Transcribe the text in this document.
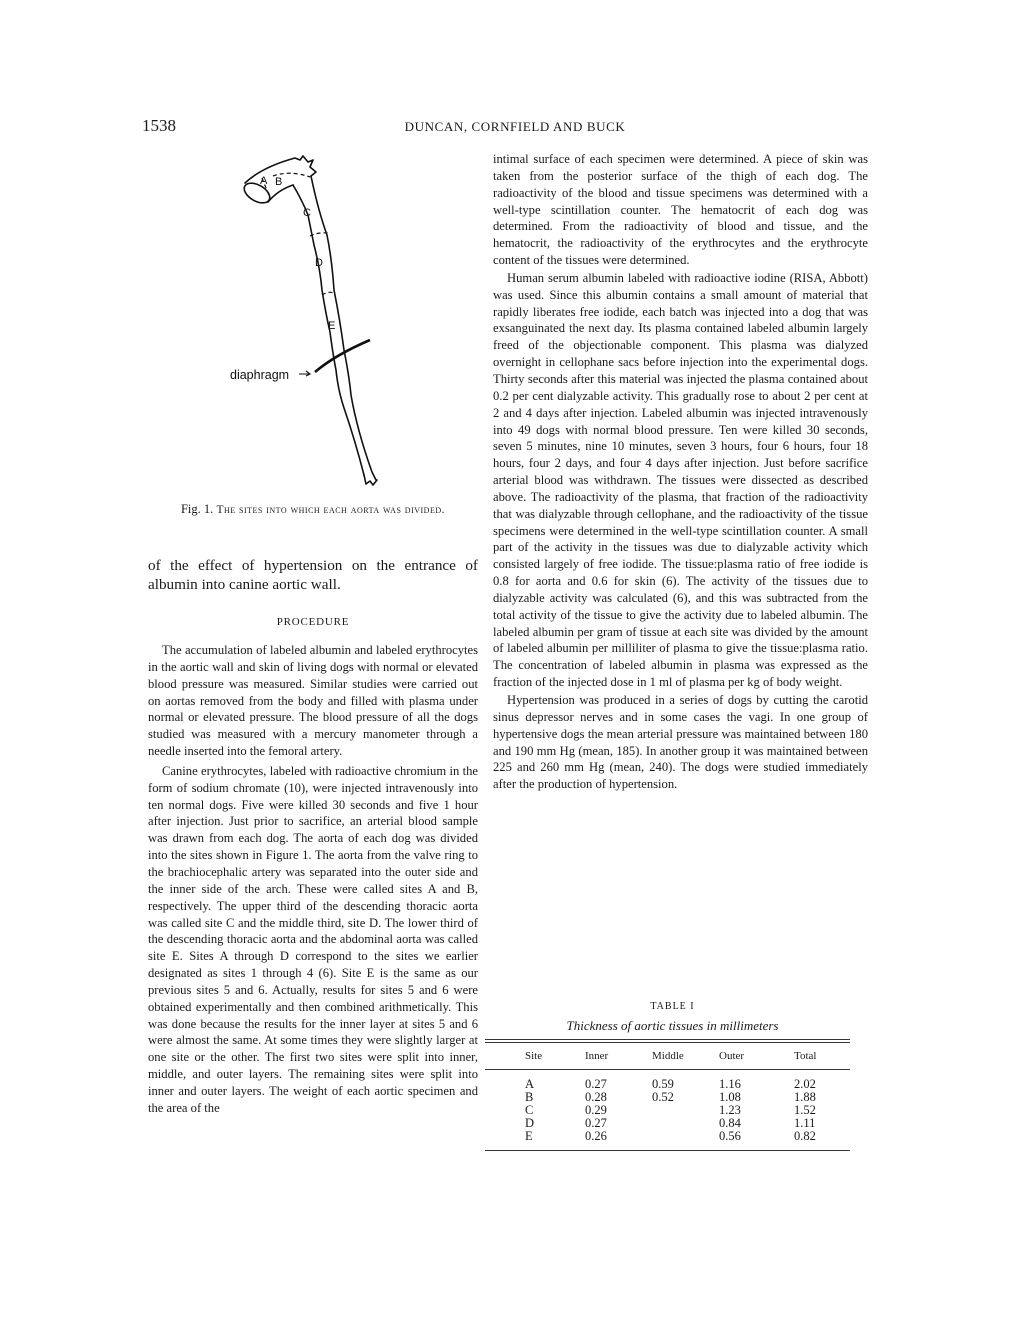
1538	DUNCAN, CORNFIELD AND BUCK
A B
C
D
E
diaphragm
Fig. 1. The sites into which each aorta was divided.

of the effect of hypertension on the entrance of albumin into canine aortic wall.

PROCEDURE

The accumulation of labeled albumin and labeled erythrocytes in the aortic wall and skin of living dogs with normal or elevated blood pressure was measured. Similar studies were carried out on aortas removed from the body and filled with plasma under normal or elevated pressure. The blood pressure of all the dogs studied was measured with a mercury manometer through a needle inserted into the femoral artery.

Canine erythrocytes, labeled with radioactive chromium in the form of sodium chromate (10), were injected intravenously into ten normal dogs. Five were killed 30 seconds and five 1 hour after injection. Just prior to sacrifice, an arterial blood sample was drawn from each dog. The aorta of each dog was divided into the sites shown in Figure 1. The aorta from the valve ring to the brachiocephalic artery was separated into the outer side and the inner side of the arch. These were called sites A and B, respectively. The upper third of the descending thoracic aorta was called site C and the middle third, site D. The lower third of the descending thoracic aorta and the abdominal aorta was called site E. Sites A through D correspond to the sites we earlier designated as sites 1 through 4 (6). Site E is the same as our previous sites 5 and 6. Actually, results for sites 5 and 6 were obtained experimentally and then combined arithmetically. This was done because the results for the inner layer at sites 5 and 6 were almost the same. At some times they were slightly larger at one site or the other. The first two sites were split into inner, middle, and outer layers. The remaining sites were split into inner and outer layers. The weight of each aortic specimen and the area of the

intimal surface of each specimen were determined. A piece of skin was taken from the posterior surface of the thigh of each dog. The radioactivity of the blood and tissue specimens was determined with a well-type scintillation counter. The hematocrit of each dog was determined. From the radioactivity of blood and tissue, and the hematocrit, the radioactivity of the erythrocytes and the erythrocyte content of the tissues were determined.

Human serum albumin labeled with radioactive iodine (RISA, Abbott) was used. Since this albumin contains a small amount of material that rapidly liberates free iodide, each batch was injected into a dog that was exsanguinated the next day. Its plasma contained labeled albumin largely freed of the objectionable component. This plasma was dialyzed overnight in cellophane sacs before injection into the experimental dogs. Thirty seconds after this material was injected the plasma contained about 0.2 per cent dialyzable activity. This gradually rose to about 2 per cent at 2 and 4 days after injection. Labeled albumin was injected intravenously into 49 dogs with normal blood pressure. Ten were killed 30 seconds, seven 5 minutes, nine 10 minutes, seven 3 hours, four 6 hours, four 18 hours, four 2 days, and four 4 days after injection. Just before sacrifice arterial blood was withdrawn. The tissues were dissected as described above. The radioactivity of the plasma, that fraction of the radioactivity that was dialyzable through cellophane, and the radioactivity of the tissue specimens were determined in the well-type scintillation counter. A small part of the activity in the tissues was due to dialyzable activity which consisted largely of free iodide. The tissue:plasma ratio of free iodide is 0.8 for aorta and 0.6 for skin (6). The activity of the tissues due to dialyzable activity was calculated (6), and this was subtracted from the total activity of the tissue to give the activity due to labeled albumin. The labeled albumin per gram of tissue at each site was divided by the amount of labeled albumin per milliliter of plasma to give the tissue:plasma ratio. The concentration of labeled albumin in plasma was expressed as the fraction of the injected dose in 1 ml of plasma per kg of body weight.

Hypertension was produced in a series of dogs by cutting the carotid sinus depressor nerves and in some cases the vagi. In one group of hypertensive dogs the mean arterial pressure was maintained between 180 and 190 mm Hg (mean, 185). In another group it was maintained between 225 and 260 mm Hg (mean, 240). The dogs were studied immediately after the production of hypertension.

TABLE I
Thickness of aortic tissues in millimeters
Site	Inner	Middle	Outer	Total

A	0.27	0.59	1.16	2.02
B	0.28	0.52	1.08	1.88
C	0.29		1.23	1.52
D	0.27		0.84	1.11
E	0.26		0.56	0.82
